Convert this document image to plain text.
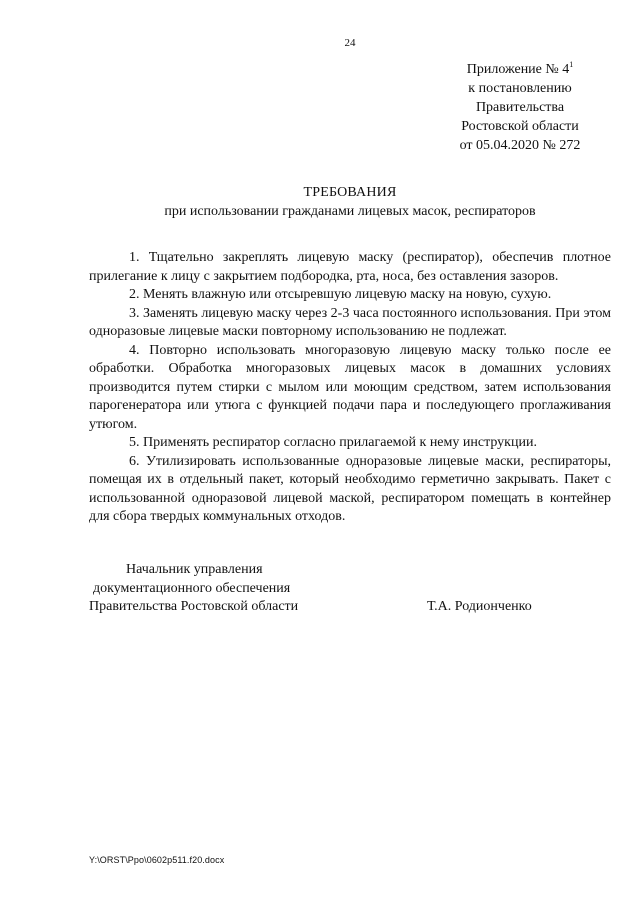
24
Приложение № $4^1$
к постановлению
Правительства
Ростовской области
от 05.04.2020 № 272
ТРЕБОВАНИЯ
при использовании гражданами лицевых масок, респираторов

1. Тщательно закреплять лицевую маску (респиратор), обеспечив плотное прилегание к лицу с закрытием подбородка, рта, носа, без оставления зазоров.

2. Менять влажную или отсыревшую лицевую маску на новую, сухую.

3. Заменять лицевую маску через 2-3 часа постоянного использования. При этом одноразовые лицевые маски повторному использованию не подлежат.

4. Повторно использовать многоразовую лицевую маску только после ее обработки. Обработка многоразовых лицевых масок в домашних условиях производится путем стирки с мылом или моющим средством, затем использования парогенератора или утюга с функцией подачи пара и последующего проглаживания утюгом.

5. Применять респиратор согласно прилагаемой к нему инструкции.

6. Утилизировать использованные одноразовые лицевые маски, респираторы, помещая их в отдельный пакет, который необходимо герметично закрывать. Пакет с использованной одноразовой лицевой маской, респиратором помещать в контейнер для сбора твердых коммунальных отходов.

Начальник управления
документационного обеспечения
Правительства Ростовской области	Т.А. Родионченко
Y:\ORST\Ppo\0602p511.f20.docx
